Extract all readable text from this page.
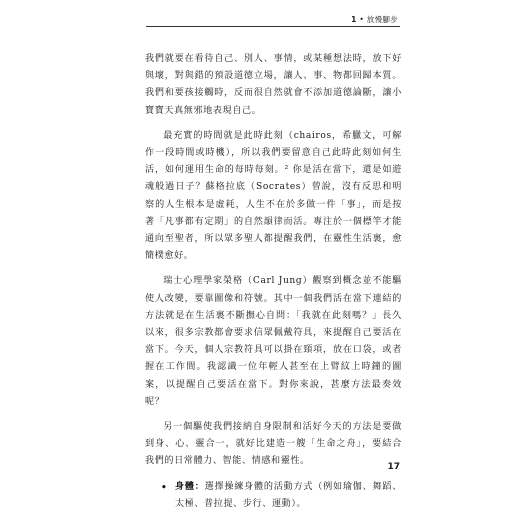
1 • 放慢腳步

我們就要在看待自己、別人、事情，或某種想法時，放下好與壞，對與錯的預設道德立場，讓人、事、物都回歸本質。我們和要孩接觸時，反而很自然就會不添加道德論斷，讓小寶寶天真無邪地表現自己。

最充實的時間就是此時此刻（chairos，希臘文，可解作一段時間或時機），所以我們要留意自己此時此刻如何生活，如何運用生命的每時每刻。² 你是活在當下，還是如遊魂般過日子？蘇格拉底（Socrates）曾說，沒有反思和明察的人生根本是虛耗，人生不在於多做一件「事」，而是按著「凡事都有定期」的自然韻律而活。專注於一個標竿才能通向至聖者，所以眾多聖人都提醒我們，在靈性生活裏，愈簡樸愈好。

瑞士心理學家榮格（Carl Jung）觀察到概念並不能驅使人改變，要靠圖像和符號。其中一個我們活在當下連結的方法就是在生活裏不斷撫心自問：「我就在此刻嗎？」長久以來，很多宗教都會要求信眾佩戴符具，來提醒自己要活在當下。今天，個人宗教符具可以掛在頸項，放在口袋，或者握在工作間。我認識一位年輕人甚至在上臂紋上時鐘的圖案，以提醒自己要活在當下。對你來說，甚麼方法最奏效呢？

另一個驅使我們接納自身限制和活好今天的方法是要做到身、心、靈合一，就好比建造一艘「生命之舟」，要結合我們的日常體力、智能、情感和靈性。

• 身體：選擇操練身體的活動方式（例如瑜伽、舞蹈、太極、普拉提、步行、運動）。
17
